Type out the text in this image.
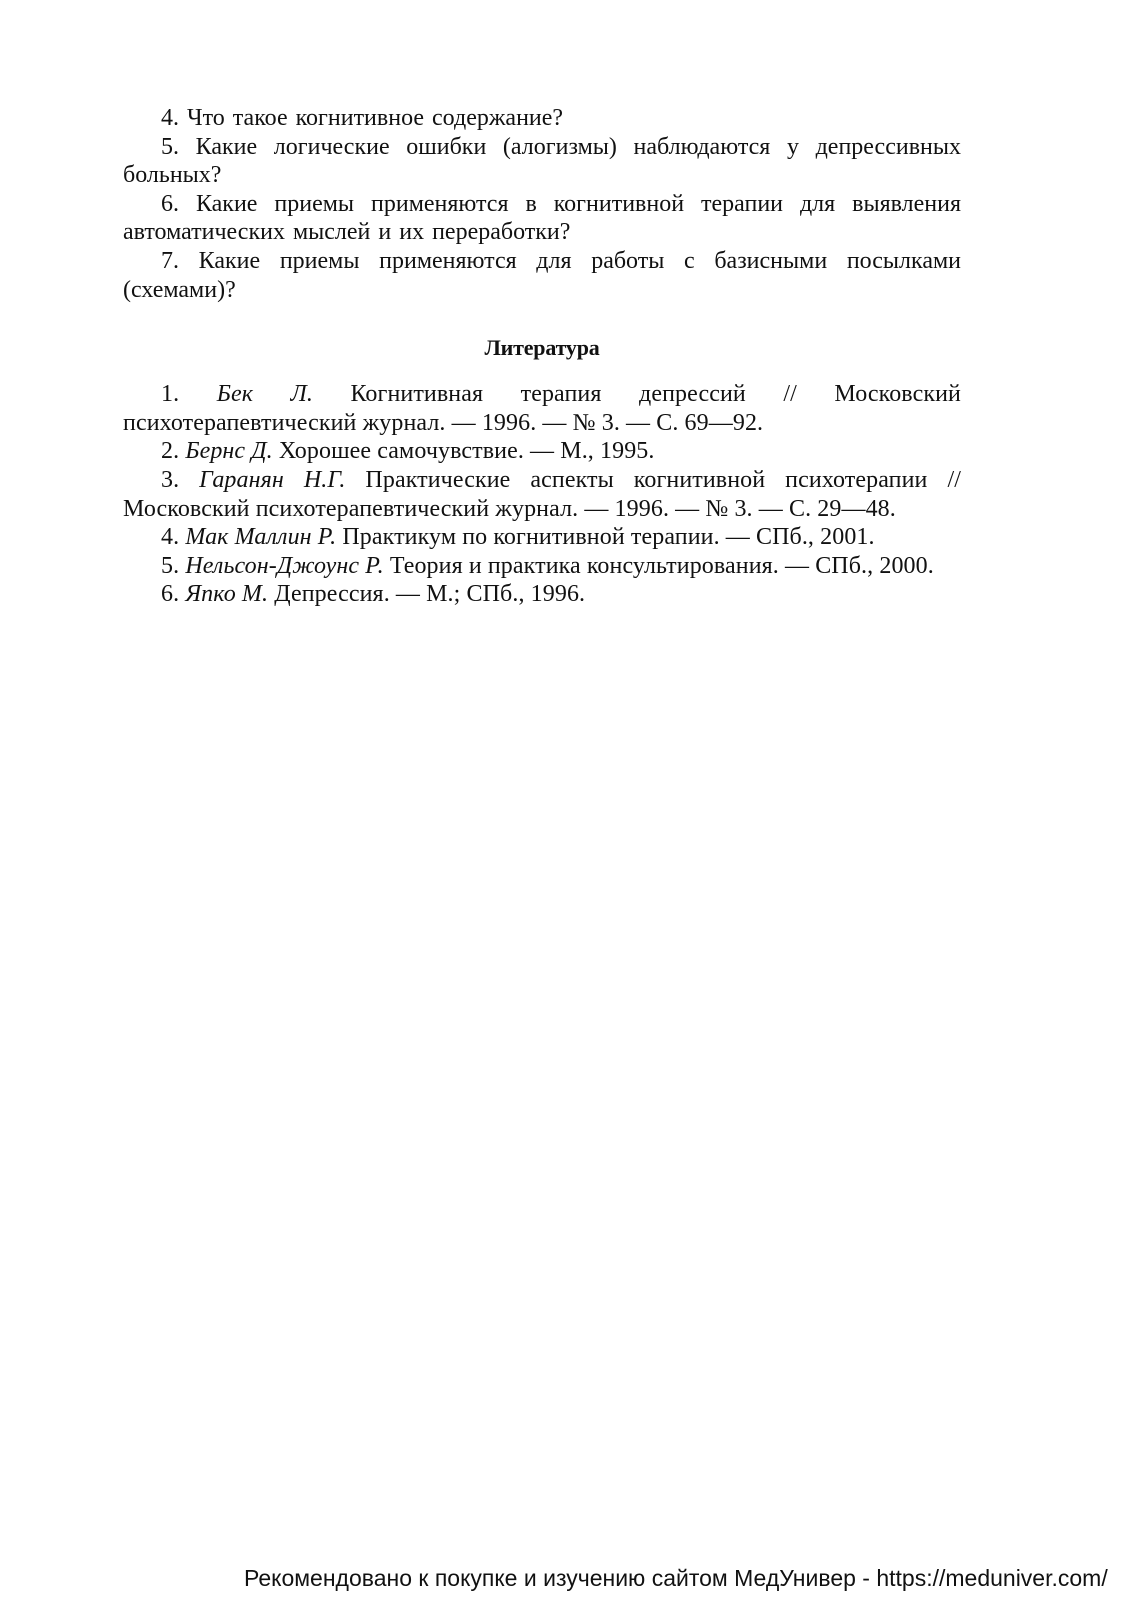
4. Что такое когнитивное содержание?

5. Какие логические ошибки (алогизмы) наблюдаются у депрессивных больных?

6. Какие приемы применяются в когнитивной терапии для выявления автоматических мыслей и их переработки?

7. Какие приемы применяются для работы с базисными посылками (схемами)?

Литература

1. Бек Л. Когнитивная терапия депрессий // Московский психотерапевтический журнал. — 1996. — № 3. — С. 69—92.

2. Бернс Д. Хорошее самочувствие. — М., 1995.

3. Гаранян Н.Г. Практические аспекты когнитивной психотерапии // Московский психотерапевтический журнал. — 1996. — № 3. — С. 29—48.

4. Мак Маллин Р. Практикум по когнитивной терапии. — СПб., 2001.

5. Нельсон-Джоунс Р. Теория и практика консультирования. — СПб., 2000.

6. Япко М. Депрессия. — М.; СПб., 1996.

Рекомендовано к покупке и изучению сайтом МедУнивер - https://meduniver.com/
